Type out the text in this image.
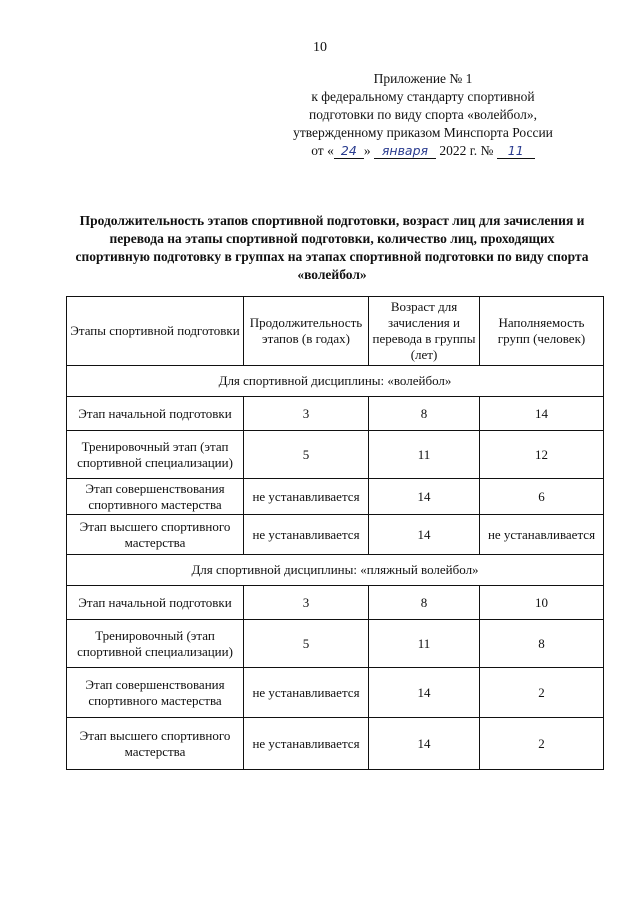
10
Приложение № 1
к федеральному стандарту спортивной
подготовки по виду спорта «волейбол»,
утвержденному приказом Минспорта России
от « 24 » января 2022 г. № 11
Продолжительность этапов спортивной подготовки, возраст лиц для зачисления и перевода на этапы спортивной подготовки, количество лиц, проходящих спортивную подготовку в группах на этапах спортивной подготовки по виду спорта «волейбол»
Этапы спортивной подготовки	Продолжительность этапов (в годах)	Возраст для зачисления и перевода в группы (лет)	Наполняемость групп (человек)
Для спортивной дисциплины: «волейбол»			
Этап начальной подготовки	3	8	14
Тренировочный этап (этап спортивной специализации)	5	11	12
Этап совершенствования спортивного мастерства	не устанавливается	14	6
Этап высшего спортивного мастерства	не устанавливается	14	не устанавливается
Для спортивной дисциплины: «пляжный волейбол»			
Этап начальной подготовки	3	8	10
Тренировочный (этап спортивной специализации)	5	11	8
Этап совершенствования спортивного мастерства	не устанавливается	14	2
Этап высшего спортивного мастерства	не устанавливается	14	2
